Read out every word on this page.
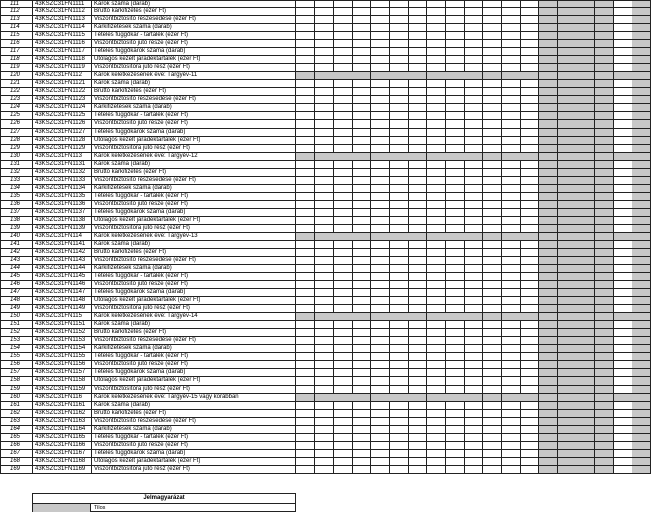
111	43KSZC31FN1111	Károk száma (darab)
112	43KSZC31FN1112	Bruttó kárkifizetés (ezer Ft)
113	43KSZC31FN1113	Viszontbiztosító részesedése (ezer Ft)
114	43KSZC31FN1114	Kárkifizetések száma (darab)
115	43KSZC31FN1115	Tételes függőkár - tartalék (ezer Ft)
116	43KSZC31FN1116	Viszontbiztosító jutó része (ezer Ft)
117	43KSZC31FN1117	Tételes függőkárok száma (darab)
118	43KSZC31FN1118	Utólagos kezelt járadéktartalék (ezer Ft)
119	43KSZC31FN1119	Viszontbiztosítóra jutó rész (ezer Ft)
120	43KSZC31FN112	Károk keletkezésének éve: Tárgyév-11
121	43KSZC31FN1121	Károk száma (darab)
122	43KSZC31FN1122	Bruttó kárkifizetés (ezer Ft)
123	43KSZC31FN1123	Viszontbiztosító részesedése (ezer Ft)
124	43KSZC31FN1124	Kárkifizetések száma (darab)
125	43KSZC31FN1125	Tételes függőkár - tartalék (ezer Ft)
126	43KSZC31FN1126	Viszontbiztosító jutó része (ezer Ft)
127	43KSZC31FN1127	Tételes függőkárok száma (darab)
128	43KSZC31FN1128	Utólagos kezelt járadéktartalék (ezer Ft)
129	43KSZC31FN1129	Viszontbiztosítóra jutó rész (ezer Ft)
130	43KSZC31FN113	Károk keletkezésének éve: Tárgyév-12
131	43KSZC31FN1131	Károk száma (darab)
132	43KSZC31FN1132	Bruttó kárkifizetés (ezer Ft)
133	43KSZC31FN1133	Viszontbiztosító részesedése (ezer Ft)
134	43KSZC31FN1134	Kárkifizetések száma (darab)
135	43KSZC31FN1135	Tételes függőkár - tartalék (ezer Ft)
136	43KSZC31FN1136	Viszontbiztosító jutó része (ezer Ft)
137	43KSZC31FN1137	Tételes függőkárok száma (darab)
138	43KSZC31FN1138	Utólagos kezelt járadéktartalék (ezer Ft)
139	43KSZC31FN1139	Viszontbiztosítóra jutó rész (ezer Ft)
140	43KSZC31FN114	Károk keletkezésének éve: Tárgyév-13
141	43KSZC31FN1141	Károk száma (darab)
142	43KSZC31FN1142	Bruttó kárkifizetés (ezer Ft)
143	43KSZC31FN1143	Viszontbiztosító részesedése (ezer Ft)
144	43KSZC31FN1144	Kárkifizetések száma (darab)
145	43KSZC31FN1145	Tételes függőkár - tartalék (ezer Ft)
146	43KSZC31FN1146	Viszontbiztosító jutó része (ezer Ft)
147	43KSZC31FN1147	Tételes függőkárok száma (darab)
148	43KSZC31FN1148	Utólagos kezelt járadéktartalék (ezer Ft)
149	43KSZC31FN1149	Viszontbiztosítóra jutó rész (ezer Ft)
150	43KSZC31FN115	Károk keletkezésének éve: Tárgyév-14
151	43KSZC31FN1151	Károk száma (darab)
152	43KSZC31FN1152	Bruttó kárkifizetés (ezer Ft)
153	43KSZC31FN1153	Viszontbiztosító részesedése (ezer Ft)
154	43KSZC31FN1154	Kárkifizetések száma (darab)
155	43KSZC31FN1155	Tételes függőkár - tartalék (ezer Ft)
156	43KSZC31FN1156	Viszontbiztosító jutó része (ezer Ft)
157	43KSZC31FN1157	Tételes függőkárok száma (darab)
158	43KSZC31FN1158	Utólagos kezelt járadéktartalék (ezer Ft)
159	43KSZC31FN1159	Viszontbiztosítóra jutó rész (ezer Ft)
160	43KSZC31FN116	Károk keletkezésének éve: Tárgyév-15 vagy korábban
161	43KSZC31FN1161	Károk száma (darab)
162	43KSZC31FN1162	Bruttó kárkifizetés (ezer Ft)
163	43KSZC31FN1163	Viszontbiztosító részesedése (ezer Ft)
164	43KSZC31FN1164	Kárkifizetések száma (darab)
165	43KSZC31FN1165	Tételes függőkár - tartalék (ezer Ft)
166	43KSZC31FN1166	Viszontbiztosító jutó része (ezer Ft)
167	43KSZC31FN1167	Tételes függőkárok száma (darab)
168	43KSZC31FN1168	Utólagos kezelt járadéktartalék (ezer Ft)
169	43KSZC31FN1169	Viszontbiztosítóra jutó rész (ezer Ft)
Jelmagyarázat
Tilos
